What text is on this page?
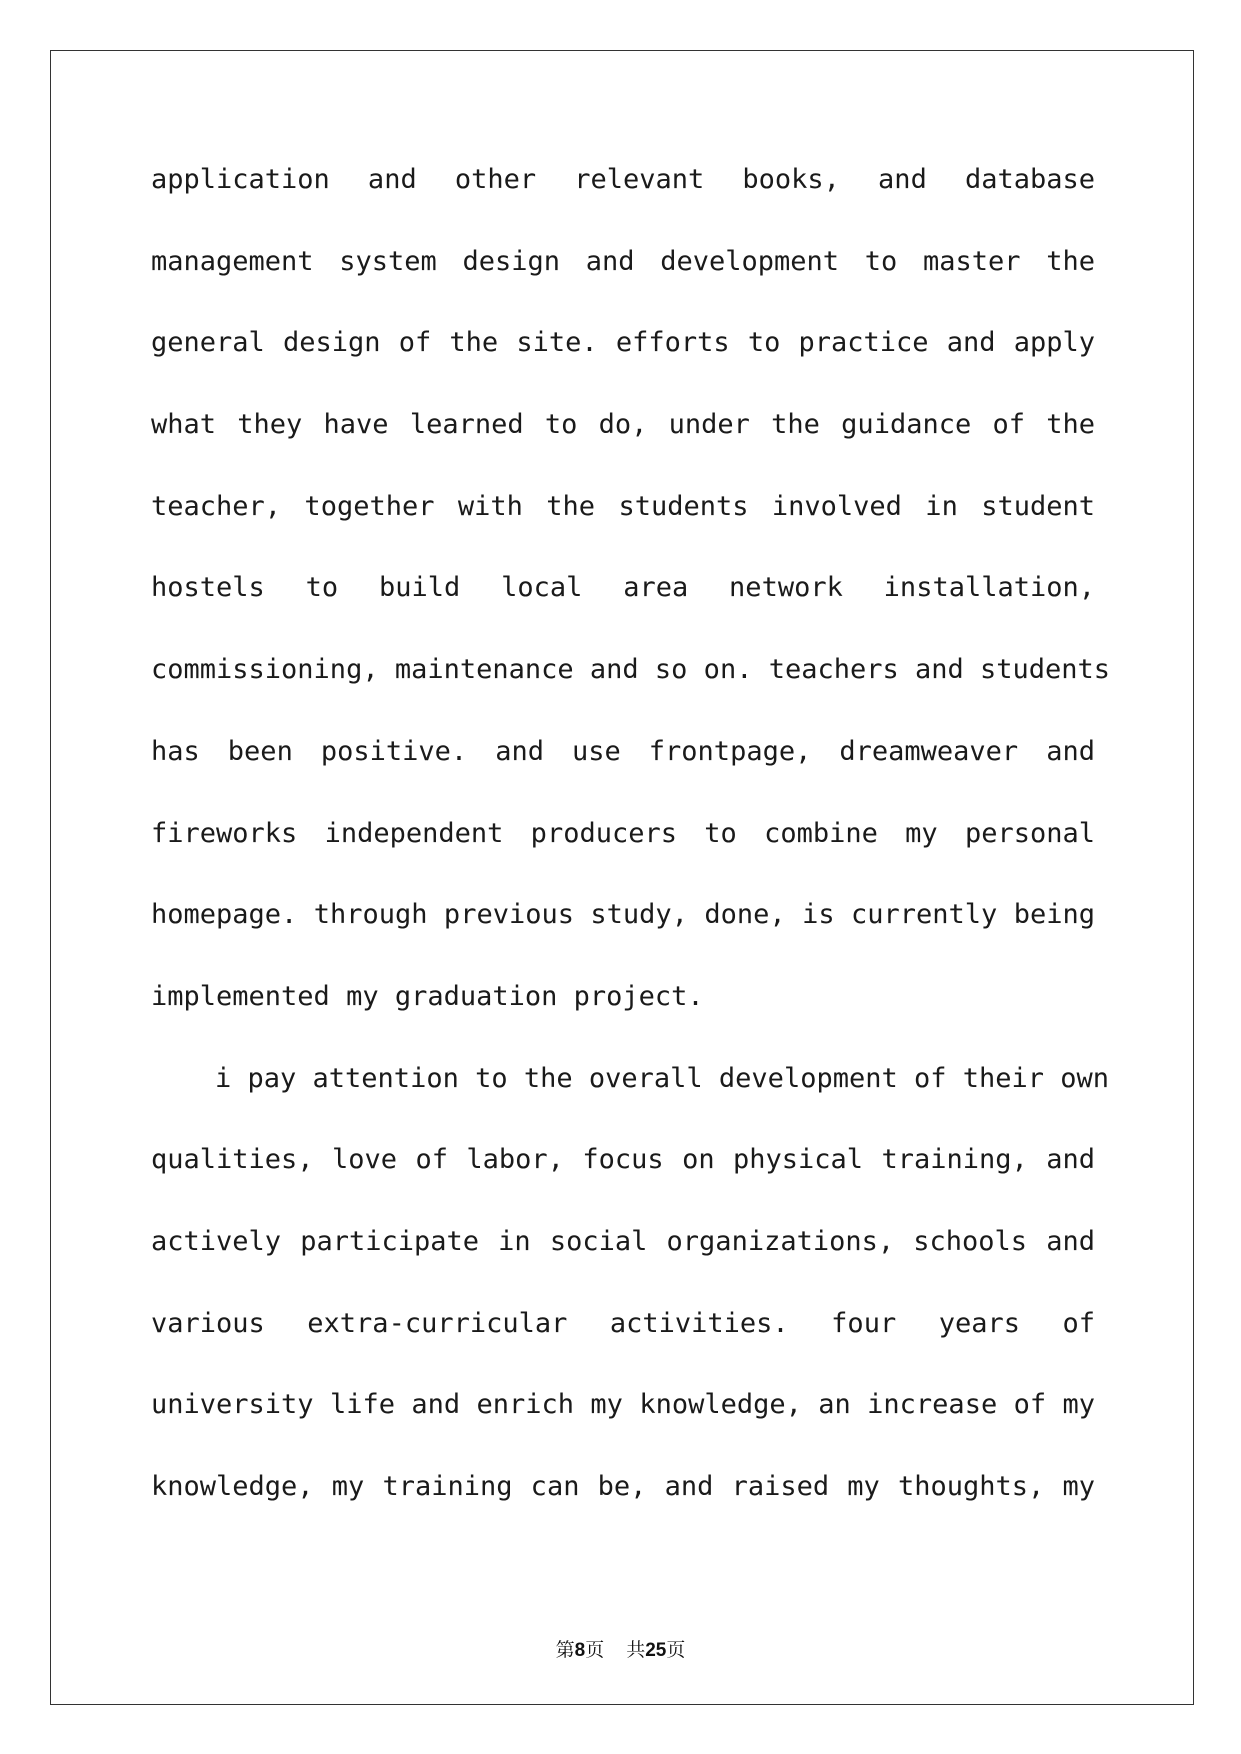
application and other relevant books, and database
management system design and development to master the
general design of the site. efforts to practice and apply
what they have learned to do, under the guidance of the
teacher, together with the students involved in student
hostels to build local area network installation,
commissioning, maintenance and so on. teachers and students
has been positive. and use frontpage, dreamweaver and
fireworks independent producers to combine my personal
homepage. through previous study, done, is currently being
implemented my graduation project.
i pay attention to the overall development of their own
qualities, love of labor, focus on physical training, and
actively participate in social organizations, schools and
various extra-curricular activities. four years of
university life and enrich my knowledge, an increase of my
knowledge, my training can be, and raised my thoughts, my
第8页 共25页
